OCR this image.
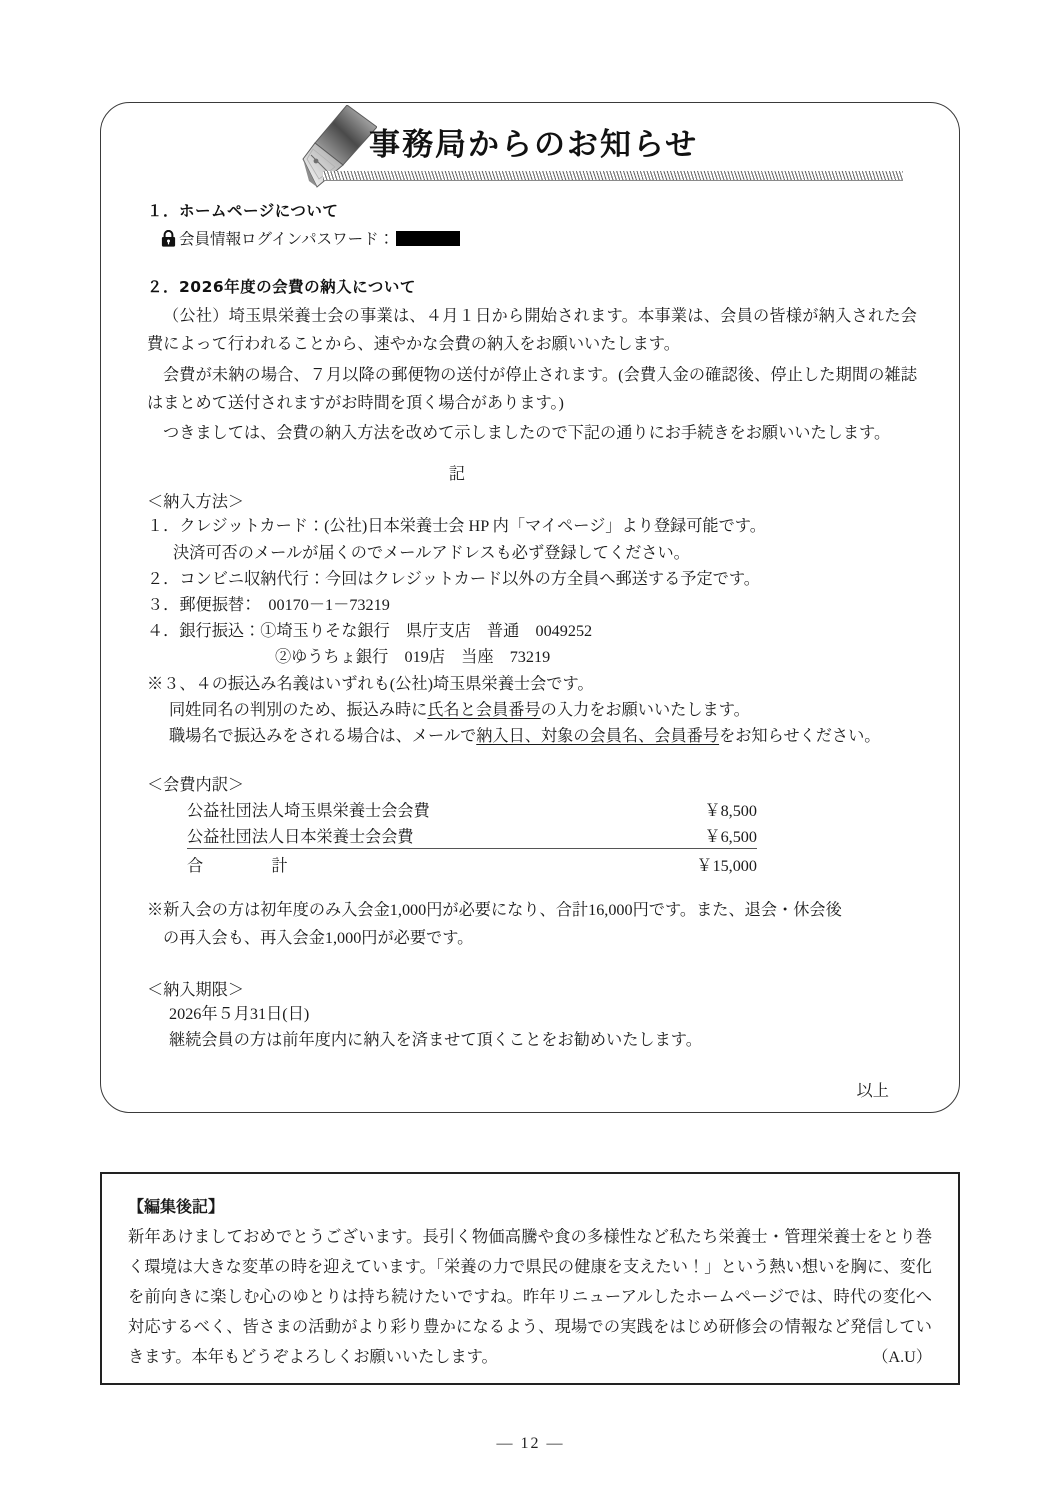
事務局からのお知らせ
１．ホームページについて
会員情報ログインパスワード：
２．2026年度の会費の納入について

（公社）埼玉県栄養士会の事業は、４月１日から開始されます。本事業は、会員の皆様が納入された会費によって行われることから、速やかな会費の納入をお願いいたします。

会費が未納の場合、７月以降の郵便物の送付が停止されます。(会費入金の確認後、停止した期間の雑誌はまとめて送付されますがお時間を頂く場合があります。)

つきましては、会費の納入方法を改めて示しましたので下記の通りにお手続きをお願いいたします。

記
＜納入方法＞

１．クレジットカード：(公社)日本栄養士会 HP 内「マイページ」より登録可能です。

決済可否のメールが届くのでメールアドレスも必ず登録してください。

２．コンビニ収納代行：今回はクレジットカード以外の方全員へ郵送する予定です。

３．郵便振替：　00170－1－73219

４．銀行振込：①埼玉りそな銀行　県庁支店　普通　0049252

②ゆうちょ銀行　019店　当座　73219

※３、４の振込み名義はいずれも(公社)埼玉県栄養士会です。

同姓同名の判別のため、振込み時に氏名と会員番号の入力をお願いいたします。

職場名で振込みをされる場合は、メールで納入日、対象の会員名、会員番号をお知らせください。

＜会費内訳＞
公益社団法人埼玉県栄養士会会費	￥8,500
公益社団法人日本栄養士会会費	￥6,500
合　計	￥15,000

※新入会の方は初年度のみ入会金1,000円が必要になり、合計16,000円です。また、退会・休会後
の再入会も、再入会金1,000円が必要です。

＜納入期限＞

2026年５月31日(日)

継続会員の方は前年度内に納入を済ませて頂くことをお勧めいたします。

以上
【編集後記】

新年あけましておめでとうございます。長引く物価高騰や食の多様性など私たち栄養士・管理栄養士をとり巻く環境は大きな変革の時を迎えています。「栄養の力で県民の健康を支えたい！」という熱い想いを胸に、変化を前向きに楽しむ心のゆとりは持ち続けたいですね。昨年リニューアルしたホームページでは、時代の変化へ対応するべく、皆さまの活動がより彩り豊かになるよう、現場での実践をはじめ研修会の情報など発信していきます。本年もどうぞよろしくお願いいたします。	（A.U）

— 12 —
